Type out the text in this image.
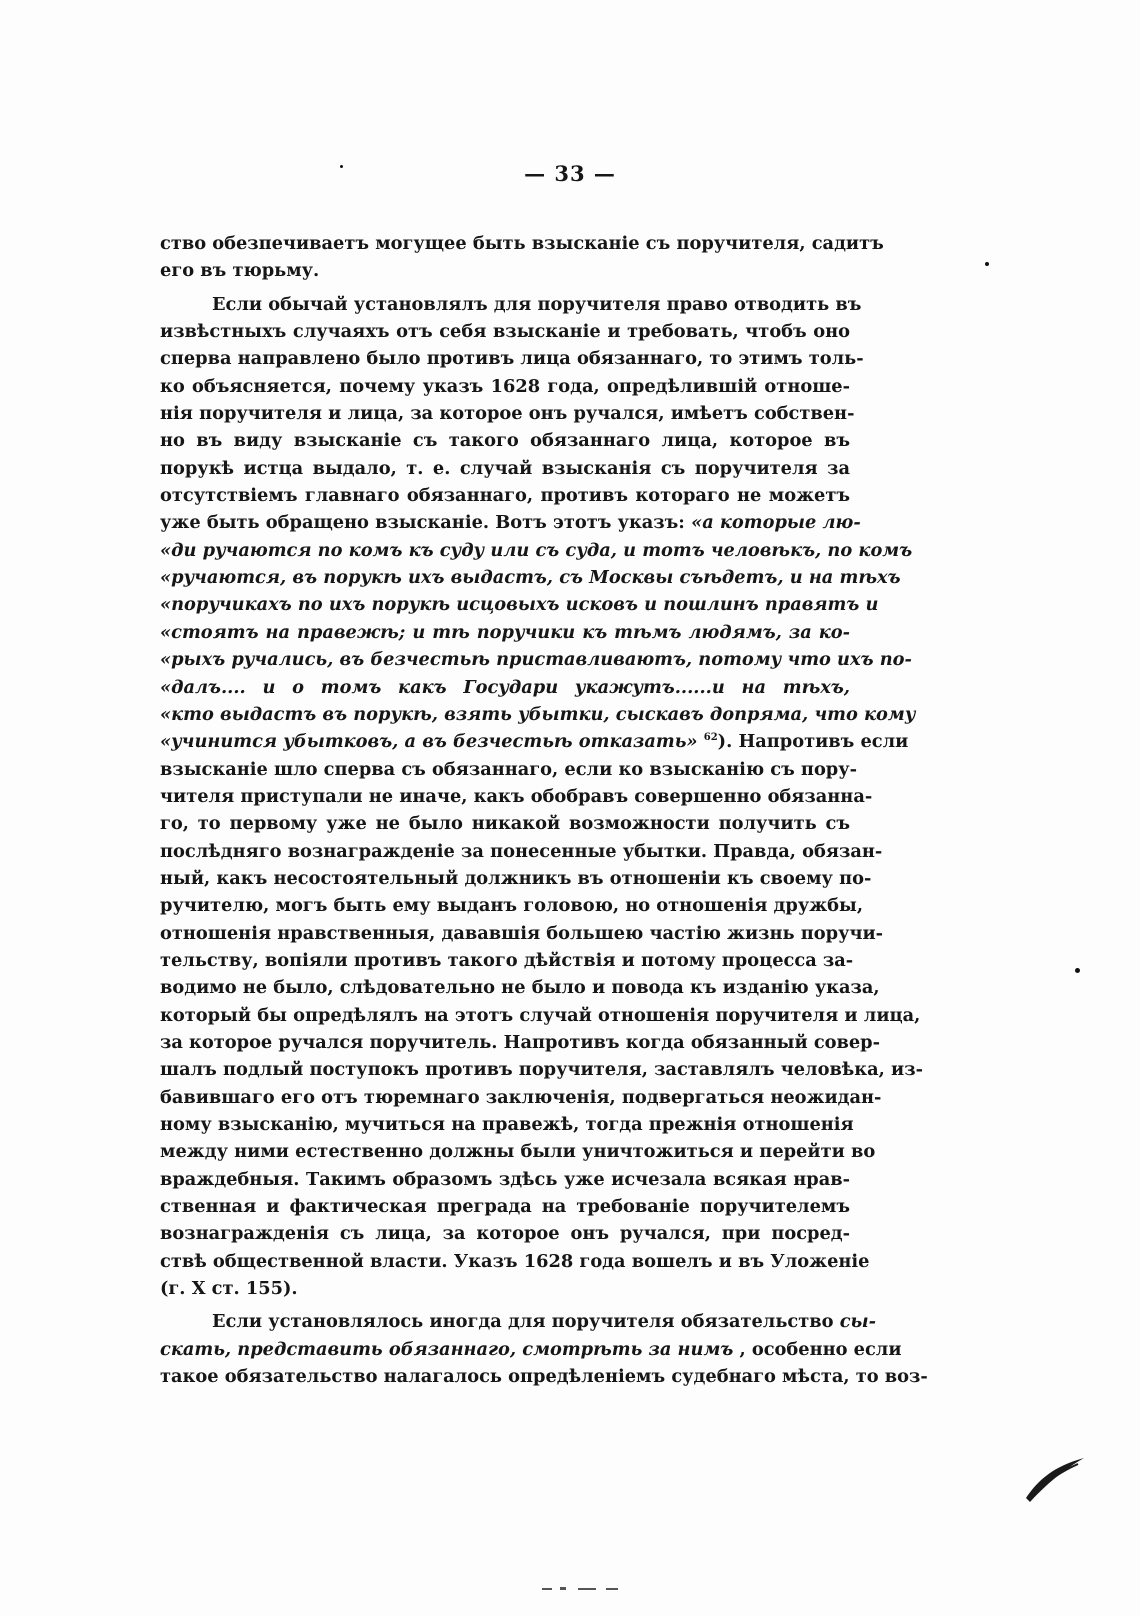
— 33 —
ство обезпечиваетъ могущее быть взысканіе съ поручителя, садитъ
его въ тюрьму.
Если обычай установлялъ для поручителя право отводить въ
извѣстныхъ случаяхъ отъ себя взысканіе и требовать, чтобъ оно
сперва направлено было противъ лица обязаннаго, то этимъ толь-
ко объясняется, почему указъ 1628 года, опредѣлившій отноше-
нія поручителя и лица, за которое онъ ручался, имѣетъ собствен-
но въ виду взысканіе съ такого обязаннаго лица, которое въ
порукѣ истца выдало, т. е. случай взысканія съ поручителя за
отсутствіемъ главнаго обязаннаго, противъ котораго не можетъ
уже быть обращено взысканіе. Вотъ этотъ указъ: «а которые лю-
«ди ручаются по комъ къ суду или съ суда, и тотъ человѣкъ, по комъ
«ручаются, въ порукѣ ихъ выдастъ, съ Москвы съѣдетъ, и на тѣхъ
«поручикахъ по ихъ порукѣ исцовыхъ исковъ и пошлинъ правятъ и
«стоятъ на правежѣ; и тѣ поручики къ тѣмъ людямъ, за ко-
«рыхъ ручались, въ безчестьѣ приставливаютъ, потому что ихъ по-
«далъ.... и о томъ какъ Государи укажутъ......и на тѣхъ,
«кто выдастъ въ порукѣ, взять убытки, сыскавъ допряма, что кому
«учинится убытковъ, а въ безчестьѣ отказать» $^{62}$). Напротивъ если
взысканіе шло сперва съ обязаннаго, если ко взысканію съ пору-
чителя приступали не иначе, какъ обобравъ совершенно обязанна-
го, то первому уже не было никакой возможности получить съ
послѣдняго вознагражденіе за понесенные убытки. Правда, обязан-
ный, какъ несостоятельный должникъ въ отношеніи къ своему по-
ручителю, могъ быть ему выданъ головою, но отношенія дружбы,
отношенія нравственныя, дававшія большею частію жизнь поручи-
тельству, вопіяли противъ такого дѣйствія и потому процесса за-
водимо не было, слѣдовательно не было и повода къ изданію указа,
который бы опредѣлялъ на этотъ случай отношенія поручителя и лица,
за которое ручался поручитель. Напротивъ когда обязанный совер-
шалъ подлый поступокъ противъ поручителя, заставлялъ человѣка, из-
бавившаго его отъ тюремнаго заключенія, подвергаться неожидан-
ному взысканію, мучиться на правежѣ, тогда прежнія отношенія
между ними естественно должны были уничтожиться и перейти во
враждебныя. Такимъ образомъ здѣсь уже исчезала всякая нрав-
ственная и фактическая преграда на требованіе поручителемъ
вознагражденія съ лица, за которое онъ ручался, при посред-
ствѣ общественной власти. Указъ 1628 года вошелъ и въ Уложеніе
(г. X ст. 155).
Если установлялось иногда для поручителя обязательство сы-
скать, представить обязаннаго, смотрѣть за нимъ , особенно если
такое обязательство налагалось опредѣленіемъ судебнаго мѣста, то воз-
